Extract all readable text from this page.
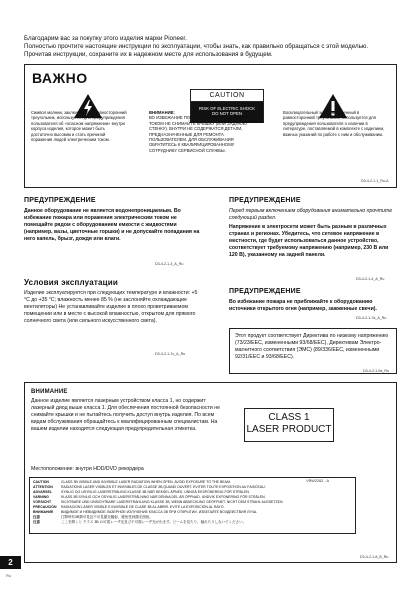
Благодарим вас за покупку этого изделия марки Pioneer.
Полностью прочтите настоящие инструкции по эксплуатации, чтобы знать, как правильно обращаться с этой моделью. Прочитав инструкции, сохраните их в надежном месте для использования в будущем.
ВАЖНО
CAUTION
RISK OF ELECTRIC SHOCK
DO NOT OPEN
Символ молнии, заключенный в равносторонний треугольник, используется для предупреждения пользователя об «опасном напряжении» внутри корпуса изделия, которое может быть достаточно высоким и стать причиной поражения людей электрическим током.
ВНИМАНИЕ:
ВО ИЗБЕЖАНИЕ ПОРАЖЕНИЯ ЭЛЕКТРИЧЕСКИМ ТОКОМ НЕ СНИМАЙТЕ КРЫШКУ (ИЛИ ЗАДНЮЮ СТЕНКУ). ВНУТРИ НЕ СОДЕРЖАТСЯ ДЕТАЛИ, ПРЕДНАЗНАЧЕННЫЕ ДЛЯ РЕМОНТА ПОЛЬЗОВАТЕЛЕМ. ДЛЯ ОБСЛУЖИВАНИЯ ОБРАТИТЕСЬ К КВАЛИФИЦИРОВАННОМУ СОТРУДНИКУ СЕРВИСНОЙ СЛУЖБЫ.
Восклицательный знак, заключенный в равносторонний треугольник, используется для предупреждения пользователя о наличии в литературе, поставляемой в комплекте с изделием, важных указаний по работе с ним и обслуживанию.
D3-4-2-1-1_Ru-A
ПРЕДУПРЕЖДЕНИЕ
Данное оборудование не является водонепроницаемым. Во избежание пожара или поражения электрическим током не помещайте рядом с оборудованием емкости с жидкостями (например, вазы, цветочные горшки) и не допускайте попадания на него капель, брызг, дождя или влаги.
D3-4-2-1-3_A_Ru
Условия эксплуатации
Изделие эксплуатируется при следующих температуре и влажности: +5 °C до +35 °C; влажность менее 85 % (не заслоняйте охлаждающие вентиляторы) Не устанавливайте изделие в плохо проветриваемом помещении или в месте с высокой влажностью, открытом для прямого солнечного света (или сильного искусственного света).
D3-4-2-1-7c_A_Ru
ПРЕДУПРЕЖДЕНИЕ
Перед первым включением оборудования внимательно прочтите следующий раздел.
Напряжение в электросети может быть разным в различных странах и регионах. Убедитесь, что сетевое напряжение в местности, где будет использоваться данное устройство, соответствует требуемому напряжению (например, 230 В или 120 В), указанному на задней панели.
D3-4-2-1-4_A_Ru
ПРЕДУПРЕЖДЕНИЕ
Во избежание пожара не приближайте к оборудованию источники открытого огня (например, зажженные свечи).
D3-4-2-1-7a_A_Ru
Этот продукт соответствует Директива по низкому напряжению (73/23/EEC, измененными 93/68/EEC), Директивам Электро-магнитного соответствия (ЭМС) (89/336/EEC, измененными 92/31/EEC и 93/68/EEC).
D3-4-2-1-9a_Ru
ВНИМАНИЕ
Данное изделие является лазерным устройством класса 1, но содержит лазерный диод выше класса 1. Для обеспечения постоянной безопасности не снимайте крышки и не пытайтесь получить доступ внутрь изделия. По всем видам обслуживания обращайтесь к квалифицированным специалистам. На вашем изделии находится следующая предупредительная этикетка.
Местоположение: внутри HDD/DVD рекордера
CLASS 1
LASER PRODUCT
VRW2262 - A
CAUTION	CLASS 3B VISIBLE AND INVISIBLE LASER RADIATION WHEN OPEN. AVOID EXPOSURE TO THE BEAM.
ATTENTION	RADIATIONS LASER VISIBLES ET INVISIBLES DE CLASSE 3B QUAND OUVERT. EVITER TOUTE EXPOSITION AU FAISCEAU.
ADVARSEL	SYNLIG OG USYNLIG LASERSTRÅLING KLASSE 3B NÅR DEKSEL ÅPNES. UNNGÅ EKSPONERING FOR STRÅLEN.
VARNING	KLASS 3B SYNLIG OCH OSYNLIG LASERSTRÅLNING NÄR DENNA DEL ÄR ÖPPNAD. UNDVIK EXPONERING FÖR STRÅLEN.
VORSICHT	SICHTBARE UND UNSICHTBARE LASERSTRAHLUNG KLASSE 3B, WENN ABDECKUNG GEÖFFNET. NICHT DEM STRAHL AUSSETZEN.
PRECAUCIÓN	RADIACIÓN LÁSER VISIBLE E INVISIBLE DE CLASE 3B AL ABRIR. EVITE LA EXPOSICIÓN AL RAYO.
ВНИМАНИЕ	ВИДИМОЕ И НЕВИДИМОЕ ЛАЗЕРНОЕ ИЗЛУЧЕНИЕ КЛАССА 3B ПРИ ОТКРЫТИИ. ИЗБЕГАЙТЕ ВОЗДЕЙСТВИЯ ЛУЧА.
注意	打開時有3B類可見及不可見激光輻射，避免受到激光照射。
注意	ここを開くと クラス 3B の可視レーザ光及び不可視レーザ光が出ます。ビームを見たり、触れたりしないでください。
D3-4-2-1-8_B_Ru
2
Ru
